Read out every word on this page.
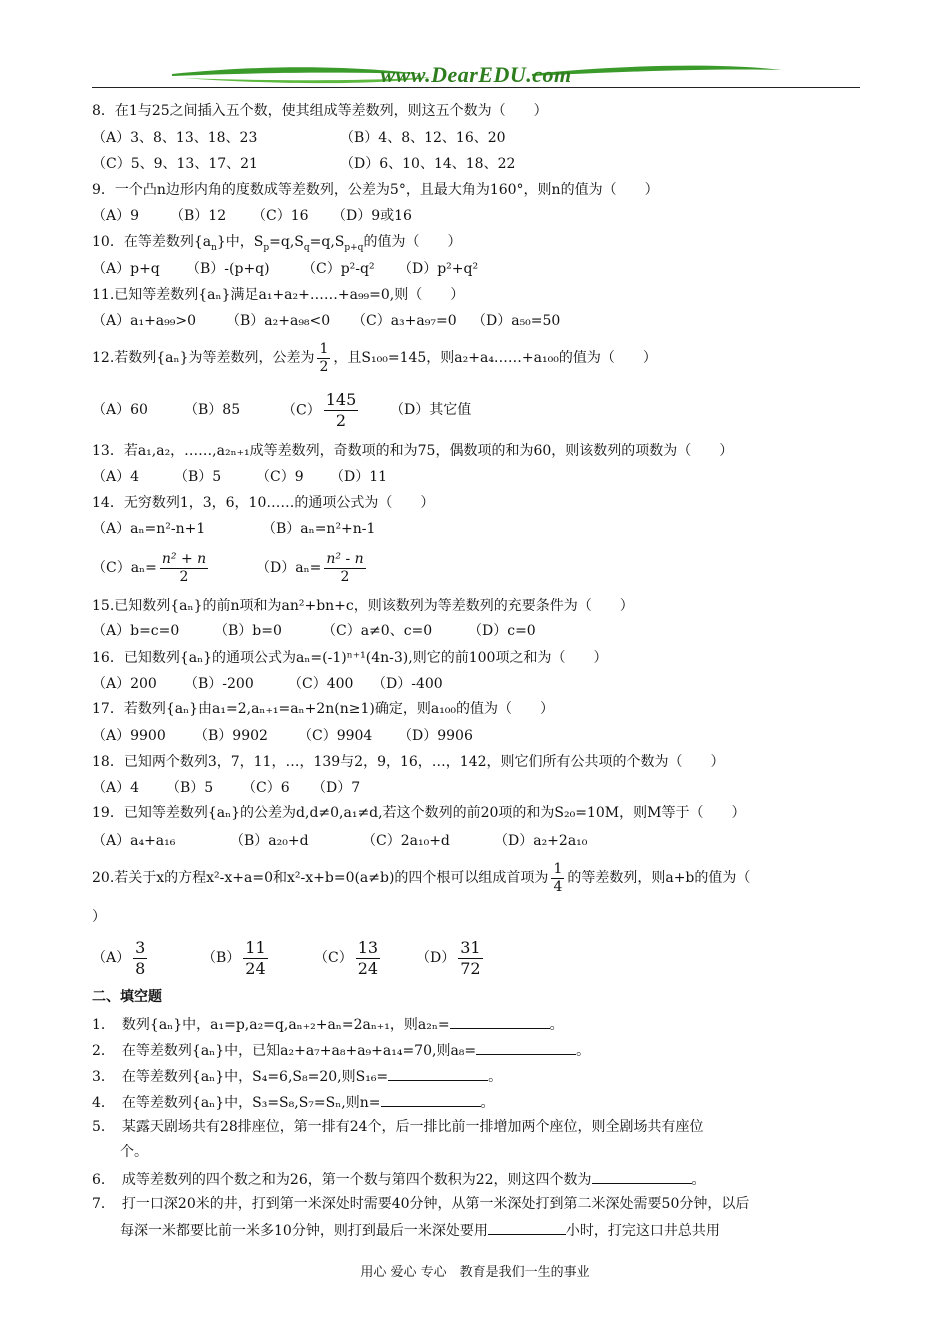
www.DearEDU.com
8．在1与25之间插入五个数，使其组成等差数列，则这五个数为（　　）
（A）3、8、13、18、23	（B）4、8、12、16、20
（C）5、9、13、17、21	（D）6、10、14、18、22
9．一个凸n边形内角的度数成等差数列，公差为5°，且最大角为160°，则n的值为（　　）
（A）9 （B）12 （C）16 （D）9或16
10．在等差数列$\{a_n\}$中，$S_p=q,S_q=q,S_{p+q}$的值为（　　）
（A）p+q （B）-(p+q) （C）p²-q² （D）p²+q²
11.已知等差数列{aₙ}满足a₁+a₂+……+a₉₉=0,则（　　）
（A）a₁+a₉₉>0 （B）a₂+a₉₈<0 （C）a₃+a₉₇=0 （D）a₅₀=50
12.若数列{aₙ}为等差数列，公差为 $\frac{1}{2}$ ，且S₁₀₀=145，则a₂+a₄……+a₁₀₀的值为（　　）
（A）60	（B）85	$(C) \frac{145}{2} (D)$其它值
13．若a₁,a₂，……,a₂ₙ₊₁成等差数列，奇数项的和为75，偶数项的和为60，则该数列的项数为（　　）
（A）4 （B）5 （C）9 （D）11
14．无穷数列1，3，6，10……的通项公式为（　　）
（A）aₙ=n²-n+1	（B）aₙ=n²+n-1
$(C)a_n= \frac{\text{n² + n}}{2}$	$(D)a_n= \frac{\text{n² - n}}{2}$
15.已知数列{aₙ}的前n项和为an²+bn+c，则该数列为等差数列的充要条件为（　　）
（A）b=c=0 （B）b=0	（C）a≠0、c=0	（D）c=0
16．已知数列{aₙ}的通项公式为aₙ=(-1)ⁿ⁺¹(4n-3),则它的前100项之和为（　　）
（A）200 （B）-200 （C）400 （D）-400
17．若数列{aₙ}由a₁=2,aₙ₊₁=aₙ+2n(n≥1)确定，则a₁₀₀的值为（　　）
（A）9900 （B）9902 （C）9904 （D）9906
18．已知两个数列3，7，11，…，139与2，9，16，…，142，则它们所有公共项的个数为（　　）
（A）4 （B）5 （C）6 （D）7
19．已知等差数列{aₙ}的公差为d,d≠0,a₁≠d,若这个数列的前20项的和为S₂₀=10M，则M等于（　　）
（A）a₄+a₁₆	（B）a₂₀+d	（C）2a₁₀+d	（D）a₂+2a₁₀
20.若关于x的方程x²-x+a=0和x²-x+b=0(a≠b)的四个根可以组成首项为 $\frac{1}{4}$ 的等差数列，则a+b的值为（
）
$(A) \frac{3}{8}$	$(B) \frac{11}{24}$	$(C) \frac{13}{24}$	$(D) \frac{31}{72}$
二、填空题
1．　数列{aₙ}中，a₁=p,a₂=q,aₙ₊₂+aₙ=2aₙ₊₁，则a₂ₙ=	。
2．　在等差数列{aₙ}中，已知a₂+a₇+a₈+a₉+a₁₄=70,则a₈=	。
3．　在等差数列{aₙ}中，S₄=6,S₈=20,则S₁₆=	。
4．　在等差数列{aₙ}中，S₃=S₈,S₇=Sₙ,则n=	。
5．　某露天剧场共有28排座位，第一排有24个，后一排比前一排增加两个座位，则全剧场共有座位
个。
6．　成等差数列的四个数之和为26，第一个数与第四个数积为22，则这四个数为	。
7．　打一口深20米的井，打到第一米深处时需要40分钟，从第一米深处打到第二米深处需要50分钟，以后
每深一米都要比前一米多10分钟，则打到最后一米深处要用	小时，打完这口井总共用
用心 爱心 专心　教育是我们一生的事业
